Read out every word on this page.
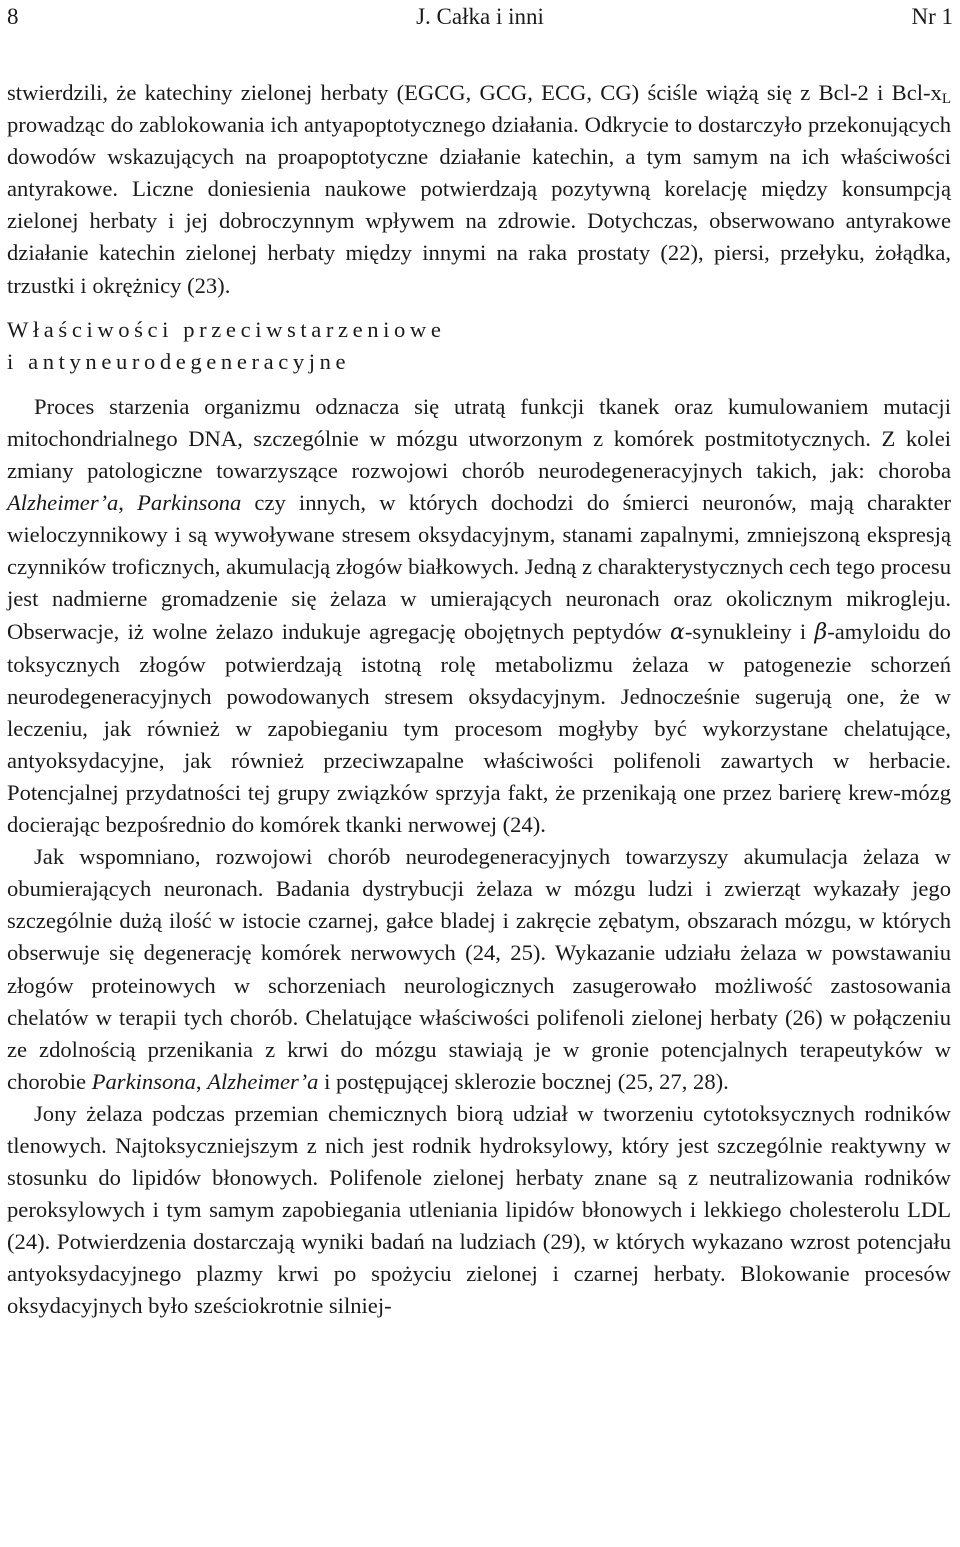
8	J. Całka i inni	Nr 1

stwierdzili, że katechiny zielonej herbaty (EGCG, GCG, ECG, CG) ściśle wiążą się z Bcl-2 i Bcl-$x_L$ prowadząc do zablokowania ich antyapoptotycznego działania. Odkrycie to dostarczyło przekonujących dowodów wskazujących na proapoptotyczne działanie katechin, a tym samym na ich właściwości antyrakowe. Liczne doniesienia naukowe potwierdzają pozytywną korelację między konsumpcją zielonej herbaty i jej dobroczynnym wpływem na zdrowie. Dotychczas, obserwowano antyrakowe działanie katechin zielonej herbaty między innymi na raka prostaty (22), piersi, przełyku, żołądka, trzustki i okrężnicy (23).

Właściwości przeciwstarzeniowe
i antyneurodegeneracyjne

Proces starzenia organizmu odznacza się utratą funkcji tkanek oraz kumulowaniem mutacji mitochondrialnego DNA, szczególnie w mózgu utworzonym z komórek postmitotycznych. Z kolei zmiany patologiczne towarzyszące rozwojowi chorób neurodegeneracyjnych takich, jak: choroba Alzheimer’a, Parkinsona czy innych, w których dochodzi do śmierci neuronów, mają charakter wieloczynnikowy i są wywoływane stresem oksydacyjnym, stanami zapalnymi, zmniejszoną ekspresją czynników troficznych, akumulacją złogów białkowych. Jedną z charakterystycznych cech tego procesu jest nadmierne gromadzenie się żelaza w umierających neuronach oraz okolicznym mikrogleju. Obserwacje, iż wolne żelazo indukuje agregację obojętnych peptydów α-synukleiny i β-amyloidu do toksycznych złogów potwierdzają istotną rolę metabolizmu żelaza w patogenezie schorzeń neurodegeneracyjnych powodowanych stresem oksydacyjnym. Jednocześnie sugerują one, że w leczeniu, jak również w zapobieganiu tym procesom mogłyby być wykorzystane chelatujące, antyoksydacyjne, jak również przeciwzapalne właściwości polifenoli zawartych w herbacie. Potencjalnej przydatności tej grupy związków sprzyja fakt, że przenikają one przez barierę krew-mózg docierając bezpośrednio do komórek tkanki nerwowej (24).

Jak wspomniano, rozwojowi chorób neurodegeneracyjnych towarzyszy akumulacja żelaza w obumierających neuronach. Badania dystrybucji żelaza w mózgu ludzi i zwierząt wykazały jego szczególnie dużą ilość w istocie czarnej, gałce bladej i zakręcie zębatym, obszarach mózgu, w których obserwuje się degenerację komórek nerwowych (24, 25). Wykazanie udziału żelaza w powstawaniu złogów proteinowych w schorzeniach neurologicznych zasugerowało możliwość zastosowania chelatów w terapii tych chorób. Chelatujące właściwości polifenoli zielonej herbaty (26) w połączeniu ze zdolnością przenikania z krwi do mózgu stawiają je w gronie potencjalnych terapeutyków w chorobie Parkinsona, Alzheimer’a i postępującej sklerozie bocznej (25, 27, 28).

Jony żelaza podczas przemian chemicznych biorą udział w tworzeniu cytotoksycznych rodników tlenowych. Najtoksyczniejszym z nich jest rodnik hydroksylowy, który jest szczególnie reaktywny w stosunku do lipidów błonowych. Polifenole zielonej herbaty znane są z neutralizowania rodników peroksylowych i tym samym zapobiegania utleniania lipidów błonowych i lekkiego cholesterolu LDL (24). Potwierdzenia dostarczają wyniki badań na ludziach (29), w których wykazano wzrost potencjału antyoksydacyjnego plazmy krwi po spożyciu zielonej i czarnej herbaty. Blokowanie procesów oksydacyjnych było sześciokrotnie silniej-
